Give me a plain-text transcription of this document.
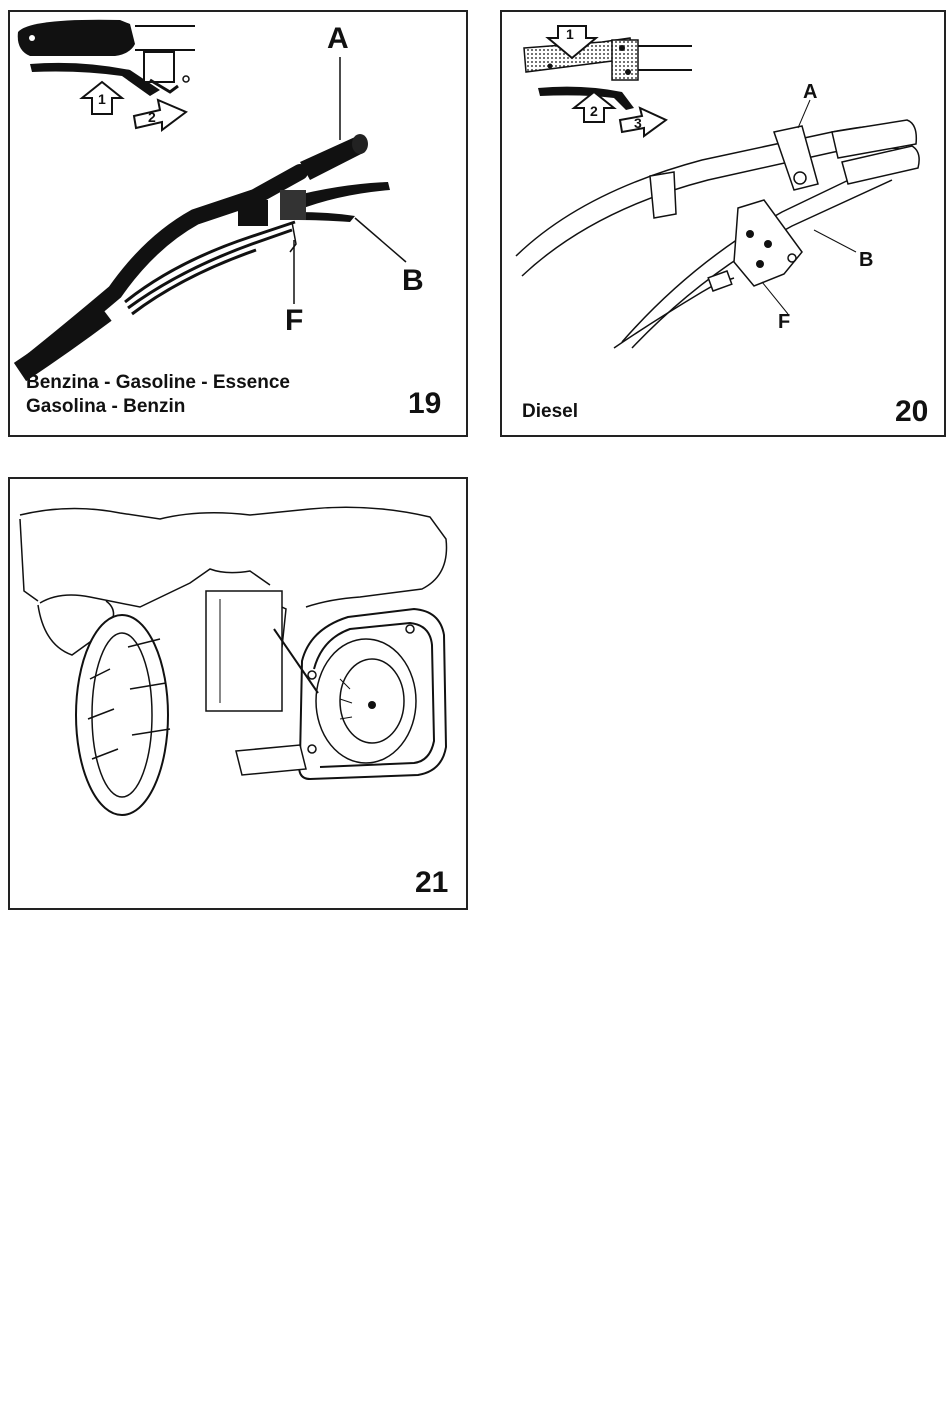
1
2
A
B
F
Benzina - Gasoline - Essence
Gasolina - Benzin	19
1
2
3
A
B
F
Diesel	20
21
